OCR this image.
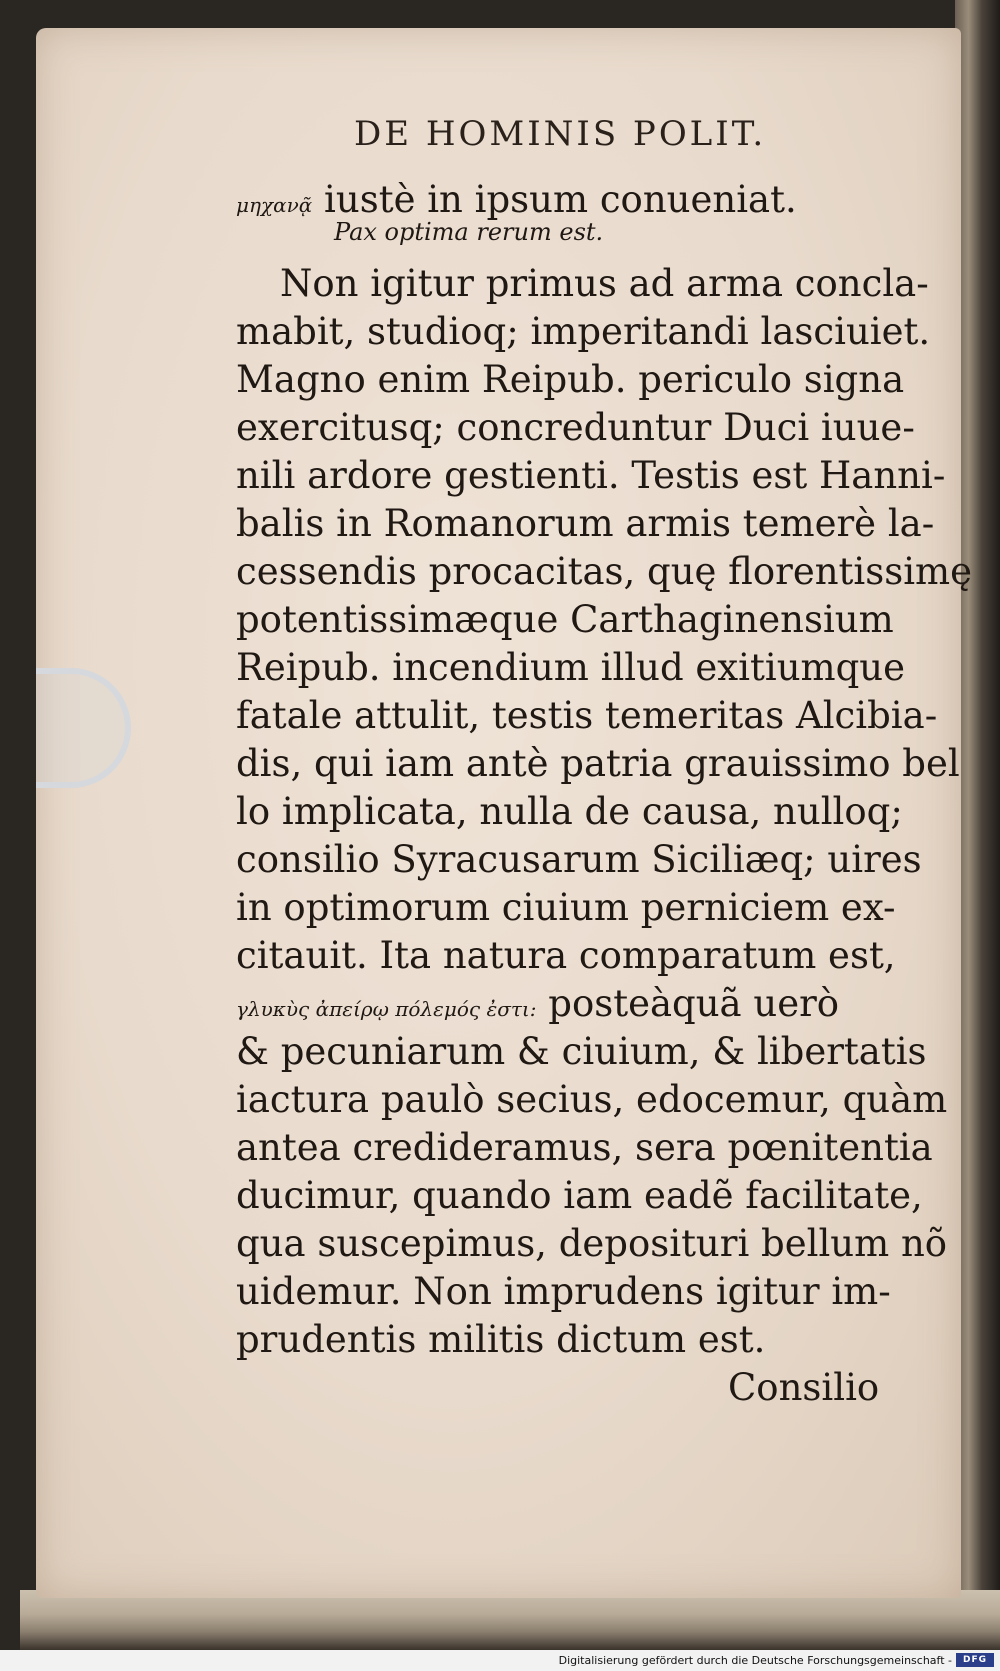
DE HOMINIS POLIT.
μηχανᾷ iustè in ipsum conueniat.
Pax optima rerum est.
Non igitur primus ad arma concla-
mabit, studioq; imperitandi lasciuiet.
Magno enim Reipub. periculo signa
exercitusq; concreduntur Duci iuue-
nili ardore gestienti. Testis est Hanni-
balis in Romanorum armis temerè la-
cessendis procacitas, quę florentissimę
potentissimæque Carthaginensium
Reipub. incendium illud exitiumque
fatale attulit, testis temeritas Alcibia-
dis, qui iam antè patria grauissimo bel
lo implicata, nulla de causa, nulloq;
consilio Syracusarum Siciliæq; uires
in optimorum ciuium perniciem ex-
citauit. Ita natura comparatum est,
γλυκὺς ἀπείρῳ πόλεμός ἐστι: posteàquã uerò
& pecuniarum & ciuium, & libertatis
iactura paulò secius, edocemur, quàm
antea credideramus, sera pœnitentia
ducimur, quando iam eadẽ facilitate,
qua suscepimus, deposituri bellum nõ
uidemur. Non imprudens igitur im-
prudentis militis dictum est.
Consilio
Digitalisierung gefördert durch die Deutsche Forschungsgemeinschaft -	DFG
